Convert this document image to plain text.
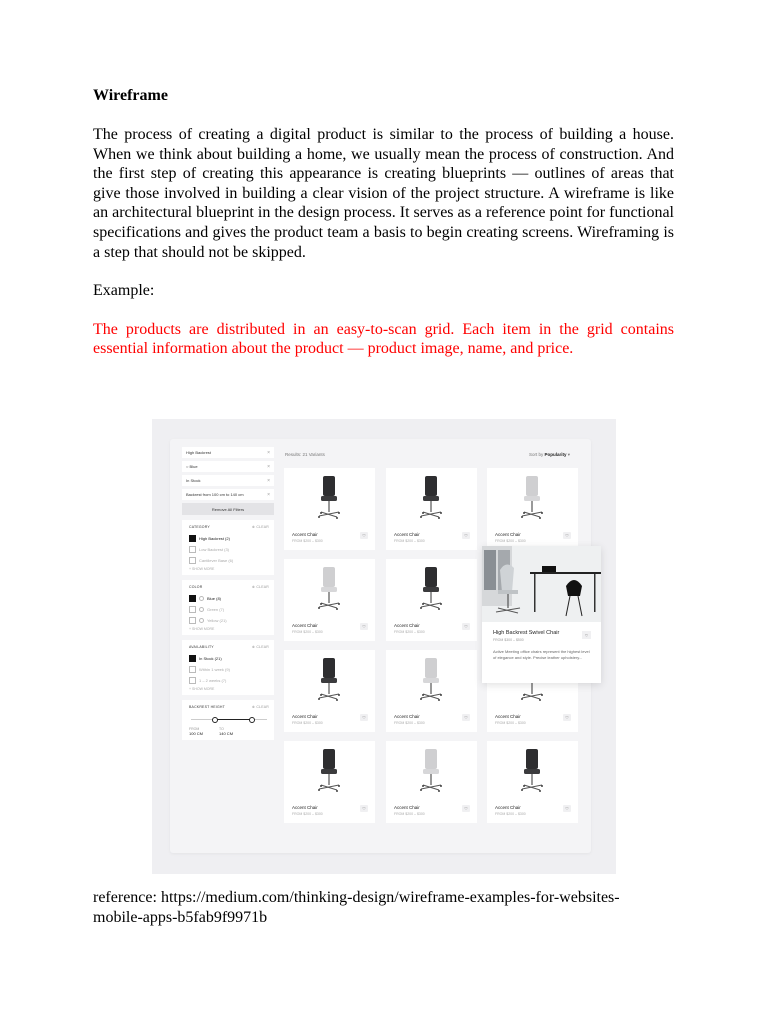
Wireframe

The process of creating a digital product is similar to the process of building a house. When we think about building a home, we usually mean the process of construction. And the first step of creating this appearance is creating blueprints — outlines of areas that give those involved in building a clear vision of the project structure. A wireframe is like an architectural blueprint in the design process. It serves as a reference point for functional specifications and gives the product team a basis to begin creating screens. Wireframing is a step that should not be skipped.

Example:

The products are distributed in an easy-to-scan grid. Each item in the grid contains essential information about the product — product image, name, and price.

High Backrest	×
○ Blue	×
In Stock	×
Backrest from 100 cm to 140 cm	×
Remove All Filters
CATEGORY	⊗ CLEAR
High Backrest (2)
Low Backrest (3)
Cantilever Base (6)
+ SHOW MORE
COLOR	⊗ CLEAR
Blue (8)
Green (7)
Yellow (21)
+ SHOW MORE
AVAILABILITY	⊗ CLEAR
In Stock (21)
Within 1 week (9)
1 – 2 weeks (7)
+ SHOW MORE
BACKREST HEIGHT	⊗ CLEAR
FROM
100 CM
TO
140 CM
Results: 21 Variants	Sort by Popularity ▾
Accent Chair
FROM $200 – $300
♡	Accent Chair
FROM $200 – $300
♡	Accent Chair
FROM $200 – $300
♡
Accent Chair
FROM $200 – $300
♡	Accent Chair
FROM $200 – $300
♡
Accent Chair
FROM $200 – $300
♡	Accent Chair
FROM $200 – $300
♡	Accent Chair
FROM $200 – $300
♡
Accent Chair
FROM $200 – $300
♡	Accent Chair
FROM $200 – $300
♡	Accent Chair
FROM $200 – $300
♡
High Backrest Swivel Chair
FROM $300 – $500
♡
Active Meeting office chairs represent the highest level of elegance and style. Precise leather upholstery...
reference: https://medium.com/thinking-design/wireframe-examples-for-websites-mobile-apps-b5fab9f9971b
